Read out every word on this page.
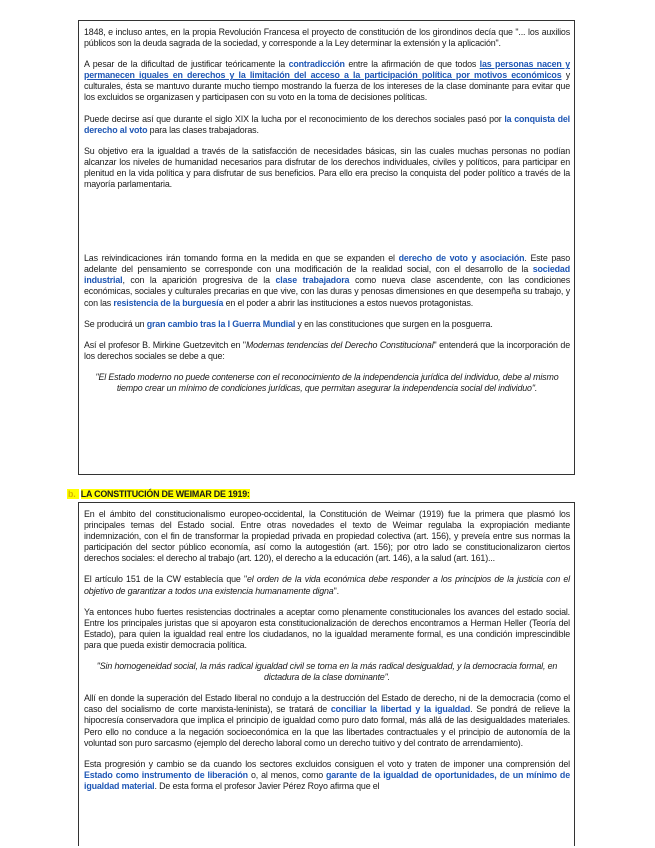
1848, e incluso antes, en la propia Revolución Francesa el proyecto de constitución de los girondinos decía que "... los auxilios públicos son la deuda sagrada de la sociedad, y corresponde a la Ley determinar la extensión y la aplicación".

A pesar de la dificultad de justificar teóricamente la contradicción entre la afirmación de que todos las personas nacen y permanecen iguales en derechos y la limitación del acceso a la participación política por motivos económicos y culturales, ésta se mantuvo durante mucho tiempo mostrando la fuerza de los intereses de la clase dominante para evitar que los excluidos se organizasen y participasen con su voto en la toma de decisiones políticas.

Puede decirse así que durante el siglo XIX la lucha por el reconocimiento de los derechos sociales pasó por la conquista del derecho al voto para las clases trabajadoras.

Su objetivo era la igualdad a través de la satisfacción de necesidades básicas, sin las cuales muchas personas no podían alcanzar los niveles de humanidad necesarios para disfrutar de los derechos individuales, civiles y políticos, para participar en plenitud en la vida política y para disfrutar de sus beneficios. Para ello era preciso la conquista del poder político a través de la mayoría parlamentaria.

Las reivindicaciones irán tomando forma en la medida en que se expanden el derecho de voto y asociación. Este paso adelante del pensamiento se corresponde con una modificación de la realidad social, con el desarrollo de la sociedad industrial, con la aparición progresiva de la clase trabajadora como nueva clase ascendente, con las condiciones económicas, sociales y culturales precarias en que vive, con las duras y penosas dimensiones en que desempeña su trabajo, y con las resistencia de la burguesía en el poder a abrir las instituciones a estos nuevos protagonistas.

Se producirá un gran cambio tras la I Guerra Mundial y en las constituciones que surgen en la posguerra.

Así el profesor B. Mirkine Guetzevitch en "Modernas tendencias del Derecho Constitucional" entenderá que la incorporación de los derechos sociales se debe a que:

"El Estado moderno no puede contenerse con el reconocimiento de la independencia jurídica del individuo, debe al mismo tiempo crear un mínimo de condiciones jurídicas, que permitan asegurar la independencia social del individuo".

b. LA CONSTITUCIÓN DE WEIMAR DE 1919:

En el ámbito del constitucionalismo europeo-occidental, la Constitución de Weimar (1919) fue la primera que plasmó los principales temas del Estado social. Entre otras novedades el texto de Weimar regulaba la expropiación mediante indemnización, con el fin de transformar la propiedad privada en propiedad colectiva (art. 156), y preveía entre sus normas la participación del sector público economía, así como la autogestión (art. 156); por otro lado se constitucionalizaron ciertos derechos sociales: el derecho al trabajo (art. 120), el derecho a la educación (art. 146), a la salud (art. 161)...

El artículo 151 de la CW establecía que "el orden de la vida económica debe responder a los principios de la justicia con el objetivo de garantizar a todos una existencia humanamente digna".

Ya entonces hubo fuertes resistencias doctrinales a aceptar como plenamente constitucionales los avances del estado social. Entre los principales juristas que si apoyaron esta constitucionalización de derechos encontramos a Herman Heller (Teoría del Estado), para quien la igualdad real entre los ciudadanos, no la igualdad meramente formal, es una condición imprescindible para que pueda existir democracia política.

"Sin homogeneidad social, la más radical igualdad civil se torna en la más radical desigualdad, y la democracia formal, en dictadura de la clase dominante".

Allí en donde la superación del Estado liberal no condujo a la destrucción del Estado de derecho, ni de la democracia (como el caso del socialismo de corte marxista-leninista), se tratará de conciliar la libertad y la igualdad. Se pondrá de relieve la hipocresía conservadora que implica el principio de igualdad como puro dato formal, más allá de las desigualdades materiales. Pero ello no conduce a la negación socioeconómica en la que las libertades contractuales y el principio de autonomía de la voluntad son puro sarcasmo (ejemplo del derecho laboral como un derecho tuitivo y del contrato de arrendamiento).

Esta progresión y cambio se da cuando los sectores excluidos consiguen el voto y traten de imponer una comprensión del Estado como instrumento de liberación o, al menos, como garante de la igualdad de oportunidades, de un mínimo de igualdad material. De esta forma el profesor Javier Pérez Royo afirma que el
